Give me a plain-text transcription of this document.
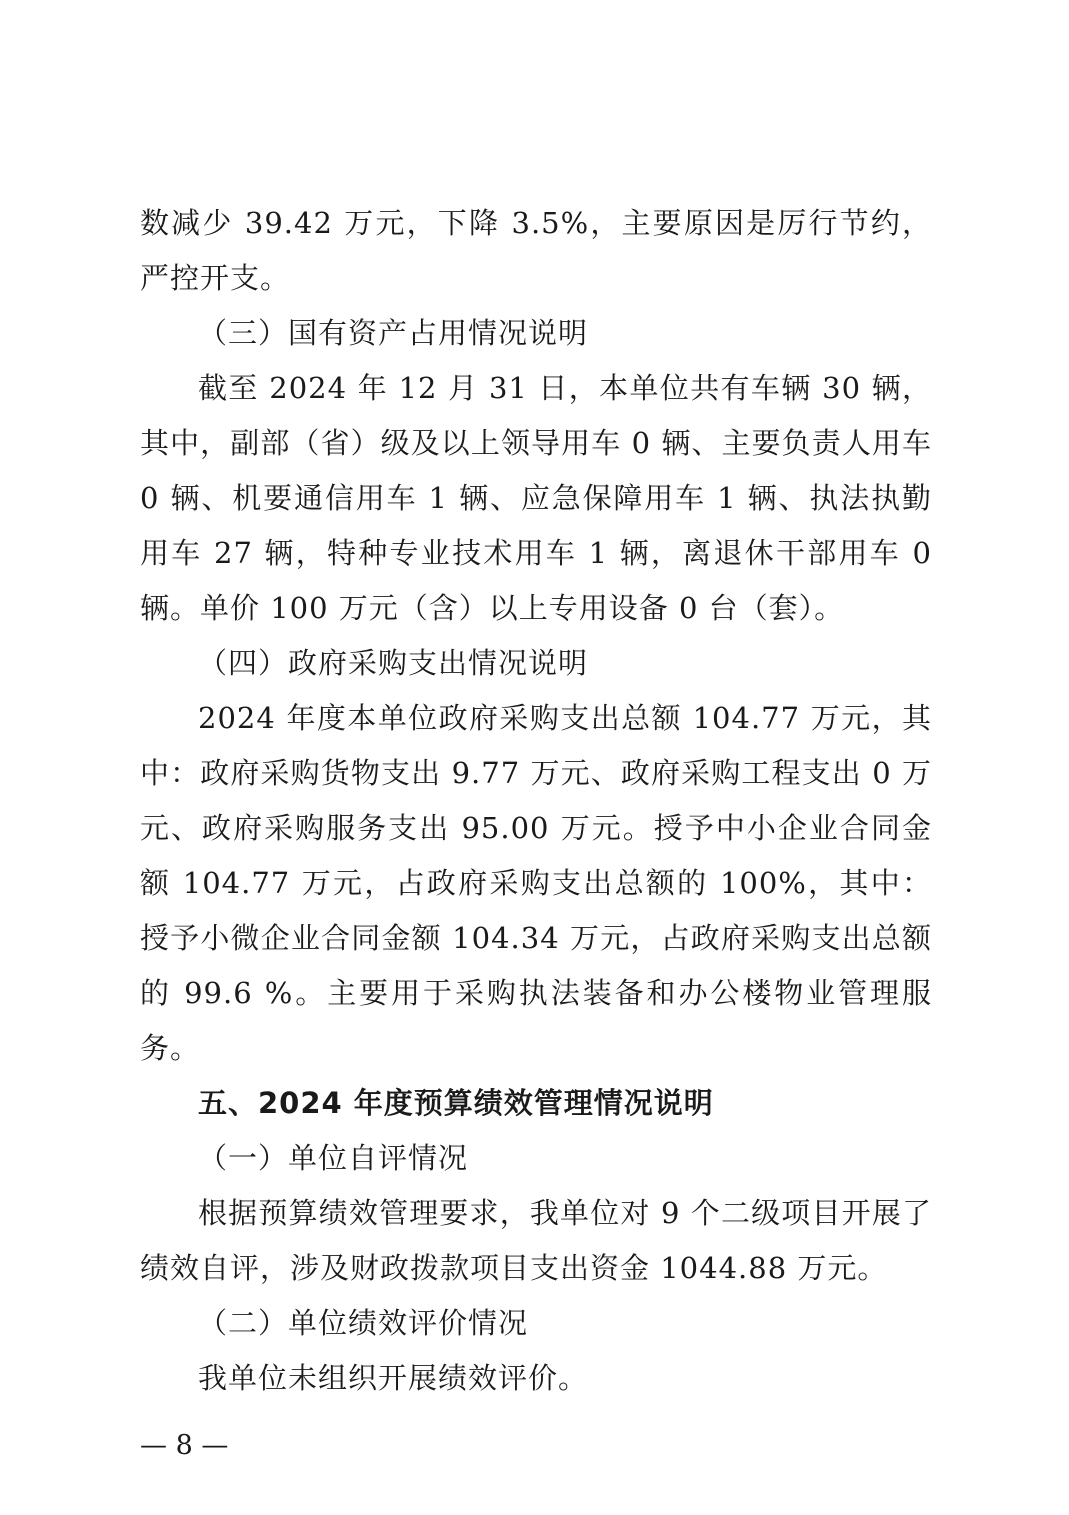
数减少 39.42 万元，下降 3.5%，主要原因是厉行节约，严控开支。

（三）国有资产占用情况说明

截至 2024 年 12 月 31 日，本单位共有车辆 30 辆，其中，副部（省）级及以上领导用车 0 辆、主要负责人用车 0 辆、机要通信用车 1 辆、应急保障用车 1 辆、执法执勤用车 27 辆，特种专业技术用车 1 辆，离退休干部用车 0 辆。单价 100 万元（含）以上专用设备 0 台（套）。

（四）政府采购支出情况说明

2024 年度本单位政府采购支出总额 104.77 万元，其中：政府采购货物支出 9.77 万元、政府采购工程支出 0 万元、政府采购服务支出 95.00 万元。授予中小企业合同金额 104.77 万元，占政府采购支出总额的 100%，其中：授予小微企业合同金额 104.34 万元，占政府采购支出总额的 99.6 %。主要用于采购执法装备和办公楼物业管理服务。

五、2024 年度预算绩效管理情况说明

（一）单位自评情况

根据预算绩效管理要求，我单位对 9 个二级项目开展了绩效自评，涉及财政拨款项目支出资金 1044.88 万元。

（二）单位绩效评价情况

我单位未组织开展绩效评价。

— 8 —
